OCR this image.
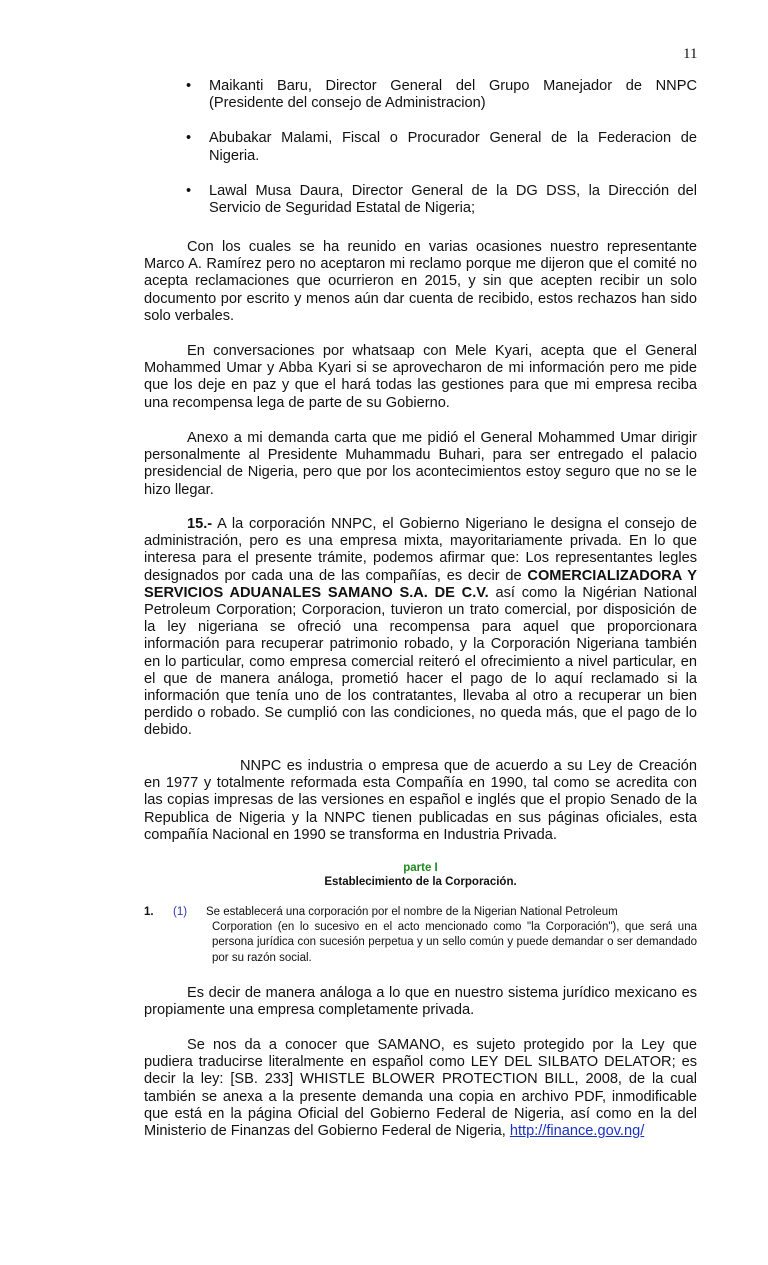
11
• Maikanti Baru, Director General del Grupo Manejador de NNPC (Presidente del consejo de Administracion)
• Abubakar Malami, Fiscal o Procurador General de la Federacion de Nigeria.
• Lawal Musa Daura, Director General de la DG DSS, la Dirección del Servicio de Seguridad Estatal de Nigeria;

Con los cuales se ha reunido en varias ocasiones nuestro representante Marco A. Ramírez pero no aceptaron mi reclamo porque me dijeron que el comité no acepta reclamaciones que ocurrieron en 2015, y sin que acepten recibir un solo documento por escrito y menos aún dar cuenta de recibido, estos rechazos han sido solo verbales.

En conversaciones por whatsaap con Mele Kyari, acepta que el General Mohammed Umar y Abba Kyari si se aprovecharon de mi información pero me pide que los deje en paz y que el hará todas las gestiones para que mi empresa reciba una recompensa lega de parte de su Gobierno.

Anexo a mi demanda carta que me pidió el General Mohammed Umar dirigir personalmente al Presidente Muhammadu Buhari, para ser entregado el palacio presidencial de Nigeria, pero que por los acontecimientos estoy seguro que no se le hizo llegar.

15.- A la corporación NNPC, el Gobierno Nigeriano le designa el consejo de administración, pero es una empresa mixta, mayoritariamente privada. En lo que interesa para el presente trámite, podemos afirmar que: Los representantes legles designados por cada una de las compañías, es decir de COMERCIALIZADORA Y SERVICIOS ADUANALES SAMANO S.A. DE C.V. así como la Nigérian National Petroleum Corporation; Corporacion, tuvieron un trato comercial, por disposición de la ley nigeriana se ofreció una recompensa para aquel que proporcionara información para recuperar patrimonio robado, y la Corporación Nigeriana también en lo particular, como empresa comercial reiteró el ofrecimiento a nivel particular, en el que de manera análoga, prometió hacer el pago de lo aquí reclamado si la información que tenía uno de los contratantes, llevaba al otro a recuperar un bien perdido o robado. Se cumplió con las condiciones, no queda más, que el pago de lo debido.

NNPC es industria o empresa que de acuerdo a su Ley de Creación en 1977 y totalmente reformada esta Compañía en 1990, tal como se acredita con las copias impresas de las versiones en español e inglés que el propio Senado de la Republica de Nigeria y la NNPC tienen publicadas en sus páginas oficiales, esta compañía Nacional en 1990 se transforma en Industria Privada.

parte I
Establecimiento de la Corporación.
1. (1) Se establecerá una corporación por el nombre de la Nigerian National Petroleum
Corporation (en lo sucesivo en el acto mencionado como "la Corporación"), que será una persona jurídica con sucesión perpetua y un sello común y puede demandar o ser demandado por su razón social.

Es decir de manera análoga a lo que en nuestro sistema jurídico mexicano es propiamente una empresa completamente privada.

Se nos da a conocer que SAMANO, es sujeto protegido por la Ley que pudiera traducirse literalmente en español como LEY DEL SILBATO DELATOR; es decir la ley: [SB. 233] WHISTLE BLOWER PROTECTION BILL, 2008, de la cual también se anexa a la presente demanda una copia en archivo PDF, inmodificable que está en la página Oficial del Gobierno Federal de Nigeria, así como en la del Ministerio de Finanzas del Gobierno Federal de Nigeria, http://finance.gov.ng/
